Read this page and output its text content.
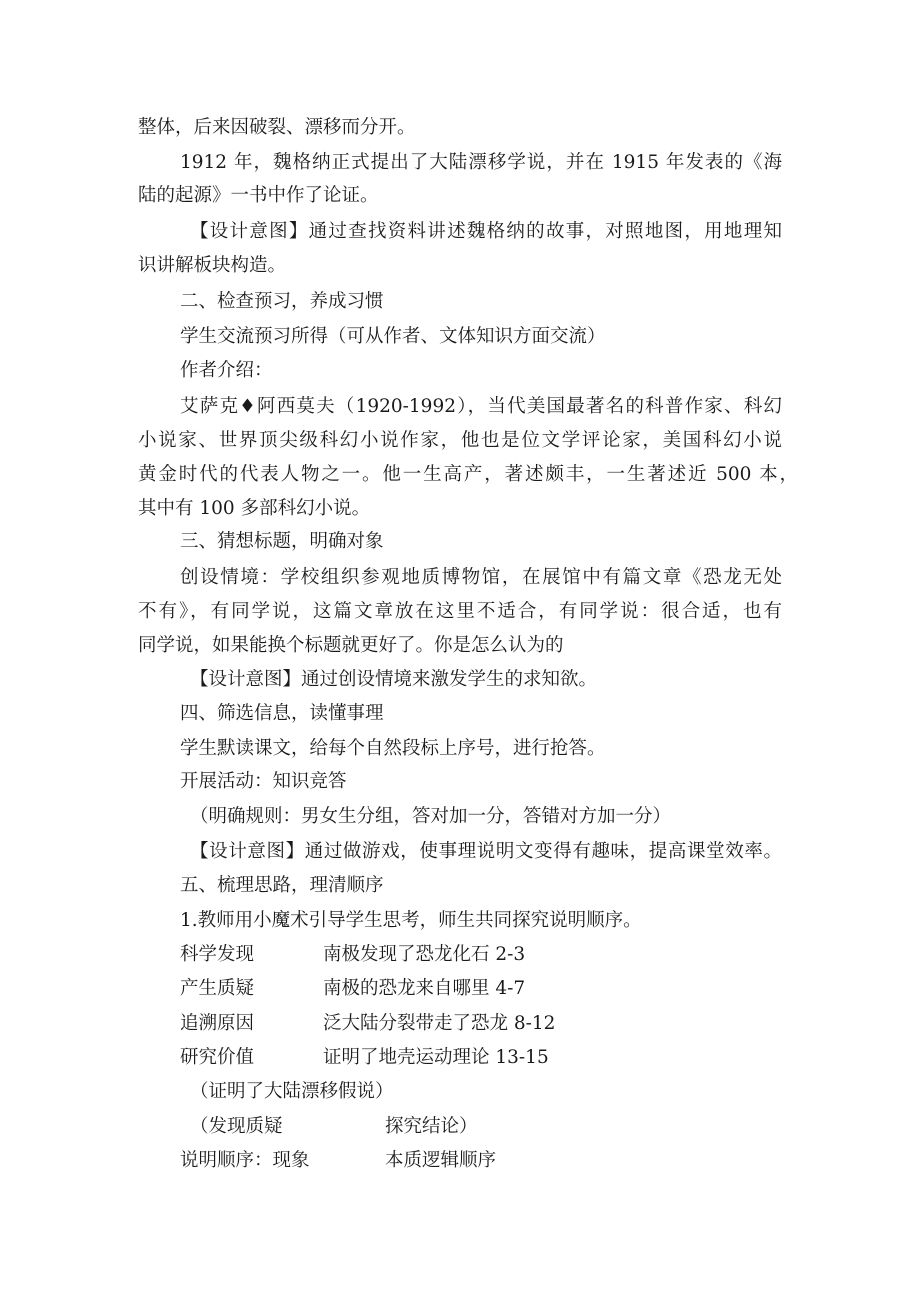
整体，后来因破裂、漂移而分开。
1912 年，魏格纳正式提出了大陆漂移学说，并在 1915 年发表的《海
陆的起源》一书中作了论证。
【设计意图】通过查找资料讲述魏格纳的故事，对照地图，用地理知
识讲解板块构造。
二、检查预习，养成习惯
学生交流预习所得（可从作者、文体知识方面交流）
作者介绍：
艾萨克♦阿西莫夫（1920-1992），当代美国最著名的科普作家、科幻
小说家、世界顶尖级科幻小说作家，他也是位文学评论家，美国科幻小说
黄金时代的代表人物之一。他一生高产，著述颇丰，一生著述近 500 本，
其中有 100 多部科幻小说。
三、猜想标题，明确对象
创设情境：学校组织参观地质博物馆，在展馆中有篇文章《恐龙无处
不有》，有同学说，这篇文章放在这里不适合，有同学说：很合适，也有
同学说，如果能换个标题就更好了。你是怎么认为的
【设计意图】通过创设情境来激发学生的求知欲。
四、筛选信息，读懂事理
学生默读课文，给每个自然段标上序号，进行抢答。
开展活动：知识竞答
（明确规则：男女生分组，答对加一分，答错对方加一分）
【设计意图】通过做游戏，使事理说明文变得有趣味，提高课堂效率。
五、梳理思路，理清顺序
1.教师用小魔术引导学生思考，师生共同探究说明顺序。
科学发现	南极发现了恐龙化石 2-3
产生质疑	南极的恐龙来自哪里 4-7
追溯原因	泛大陆分裂带走了恐龙 8-12
研究价值	证明了地壳运动理论 13-15
（证明了大陆漂移假说）
（发现质疑	探究结论）
说明顺序：现象	本质逻辑顺序
